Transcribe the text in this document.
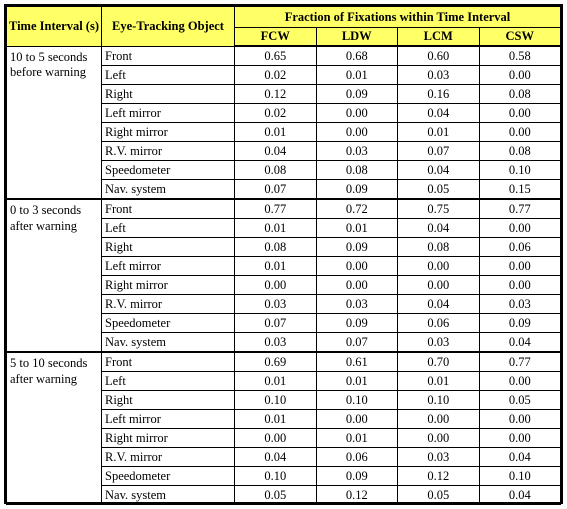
Time Interval (s)	Eye-Tracking Object	Fraction of Fixations within Time Interval			
		FCW	LDW	LCM	CSW
10 to 5 seconds before warning	Front	0.65	0.68	0.60	0.58
	Left	0.02	0.01	0.03	0.00
	Right	0.12	0.09	0.16	0.08
	Left mirror	0.02	0.00	0.04	0.00
	Right mirror	0.01	0.00	0.01	0.00
	R.V. mirror	0.04	0.03	0.07	0.08
	Speedometer	0.08	0.08	0.04	0.10
	Nav. system	0.07	0.09	0.05	0.15
0 to 3 seconds after warning	Front	0.77	0.72	0.75	0.77
	Left	0.01	0.01	0.04	0.00
	Right	0.08	0.09	0.08	0.06
	Left mirror	0.01	0.00	0.00	0.00
	Right mirror	0.00	0.00	0.00	0.00
	R.V. mirror	0.03	0.03	0.04	0.03
	Speedometer	0.07	0.09	0.06	0.09
	Nav. system	0.03	0.07	0.03	0.04
5 to 10 seconds after warning	Front	0.69	0.61	0.70	0.77
	Left	0.01	0.01	0.01	0.00
	Right	0.10	0.10	0.10	0.05
	Left mirror	0.01	0.00	0.00	0.00
	Right mirror	0.00	0.01	0.00	0.00
	R.V. mirror	0.04	0.06	0.03	0.04
	Speedometer	0.10	0.09	0.12	0.10
	Nav. system	0.05	0.12	0.05	0.04
